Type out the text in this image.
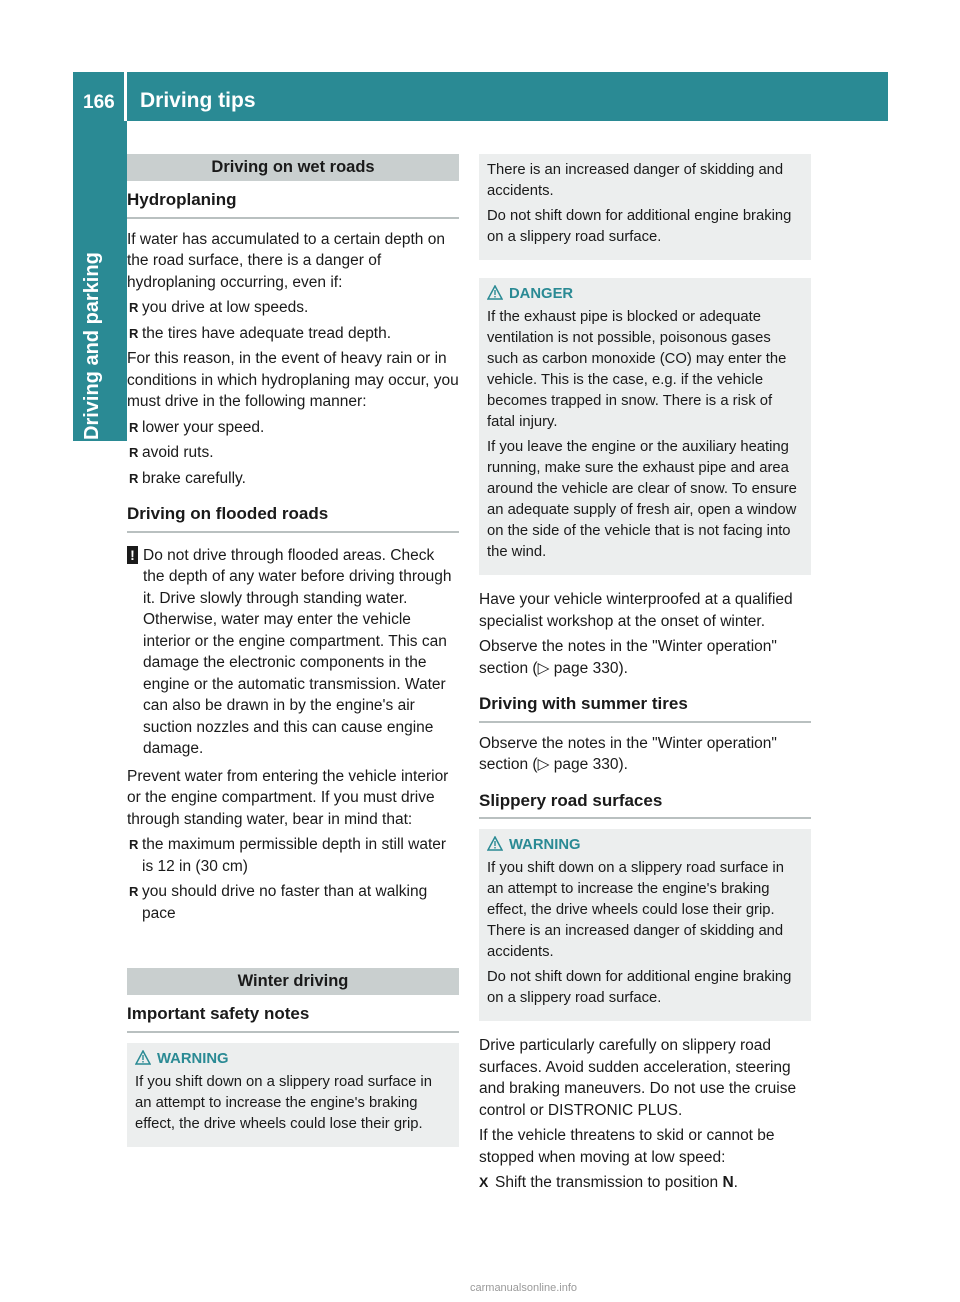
166 Driving tips
Driving and parking
Driving on wet roads
Hydroplaning

If water has accumulated to a certain depth on the road surface, there is a danger of hydroplaning occurring, even if:

R you drive at low speeds.
R the tires have adequate tread depth.

For this reason, in the event of heavy rain or in conditions in which hydroplaning may occur, you must drive in the following manner:

R lower your speed.
R avoid ruts.
R brake carefully.
Driving on flooded roads
! Do not drive through flooded areas. Check the depth of any water before driving through it. Drive slowly through standing water. Otherwise, water may enter the vehicle interior or the engine compartment. This can damage the electronic components in the engine or the automatic transmission. Water can also be drawn in by the engine's air suction nozzles and this can cause engine damage.

Prevent water from entering the vehicle interior or the engine compartment. If you must drive through standing water, bear in mind that:

R the maximum permissible depth in still water is 12 in (30 cm)
R you should drive no faster than at walking pace
Winter driving
Important safety notes
WARNING

If you shift down on a slippery road surface in an attempt to increase the engine's braking effect, the drive wheels could lose their grip.

There is an increased danger of skidding and accidents.

Do not shift down for additional engine braking on a slippery road surface.

DANGER

If the exhaust pipe is blocked or adequate ventilation is not possible, poisonous gases such as carbon monoxide (CO) may enter the vehicle. This is the case, e.g. if the vehicle becomes trapped in snow. There is a risk of fatal injury.

If you leave the engine or the auxiliary heating running, make sure the exhaust pipe and area around the vehicle are clear of snow. To ensure an adequate supply of fresh air, open a window on the side of the vehicle that is not facing into the wind.

Have your vehicle winterproofed at a qualified specialist workshop at the onset of winter.

Observe the notes in the "Winter operation" section (▷ page 330).

Driving with summer tires

Observe the notes in the "Winter operation" section (▷ page 330).

Slippery road surfaces
WARNING

If you shift down on a slippery road surface in an attempt to increase the engine's braking effect, the drive wheels could lose their grip. There is an increased danger of skidding and accidents.

Do not shift down for additional engine braking on a slippery road surface.

Drive particularly carefully on slippery road surfaces. Avoid sudden acceleration, steering and braking maneuvers. Do not use the cruise control or DISTRONIC PLUS.

If the vehicle threatens to skid or cannot be stopped when moving at low speed:

X Shift the transmission to position N.
carmanualsonline.info
